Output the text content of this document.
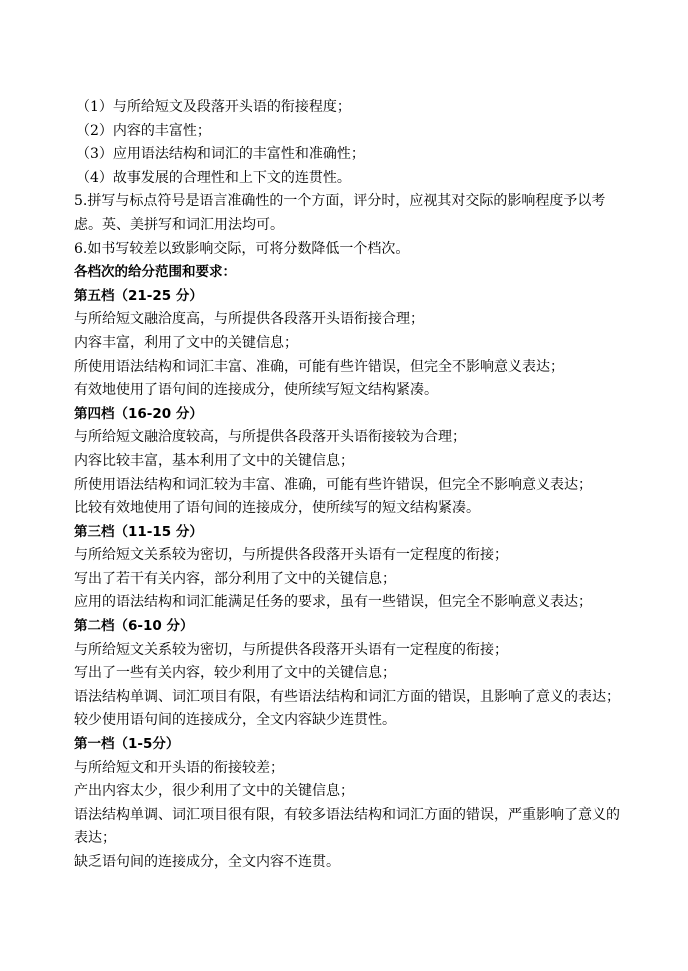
（1）与所给短文及段落开头语的衔接程度；
（2）内容的丰富性；
（3）应用语法结构和词汇的丰富性和准确性；
（4）故事发展的合理性和上下文的连贯性。
5.拼写与标点符号是语言准确性的一个方面，评分时，应视其对交际的影响程度予以考虑。英、美拼写和词汇用法均可。
6.如书写较差以致影响交际，可将分数降低一个档次。
各档次的给分范围和要求：
第五档（21-25 分）
与所给短文融洽度高，与所提供各段落开头语衔接合理；
内容丰富，利用了文中的关键信息；
所使用语法结构和词汇丰富、准确，可能有些许错误，但完全不影响意义表达；
有效地使用了语句间的连接成分，使所续写短文结构紧凑。
第四档（16-20 分）
与所给短文融洽度较高，与所提供各段落开头语衔接较为合理；
内容比较丰富，基本利用了文中的关键信息；
所使用语法结构和词汇较为丰富、准确，可能有些许错误，但完全不影响意义表达；
比较有效地使用了语句间的连接成分，使所续写的短文结构紧凑。
第三档（11-15 分）
与所给短文关系较为密切，与所提供各段落开头语有一定程度的衔接；
写出了若干有关内容，部分利用了文中的关键信息；
应用的语法结构和词汇能满足任务的要求，虽有一些错误，但完全不影响意义表达；
第二档（6-10 分）
与所给短文关系较为密切，与所提供各段落开头语有一定程度的衔接；
写出了一些有关内容，较少利用了文中的关键信息；
语法结构单调、词汇项目有限，有些语法结构和词汇方面的错误，且影响了意义的表达；
较少使用语句间的连接成分，全文内容缺少连贯性。
第一档（1-5分）
与所给短文和开头语的衔接较差；
产出内容太少，很少利用了文中的关键信息；
语法结构单调、词汇项目很有限，有较多语法结构和词汇方面的错误，严重影响了意义的表达；
缺乏语句间的连接成分，全文内容不连贯。
